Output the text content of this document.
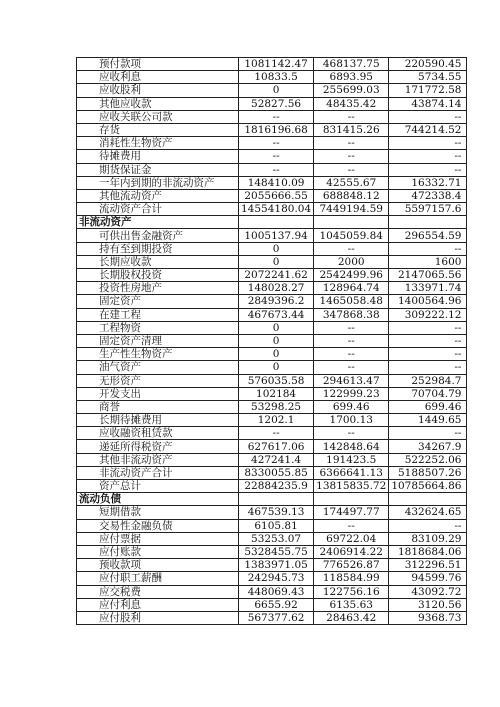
预付款项	1081142.47	468137.75	220590.45
应收利息	10833.5	6893.95	5734.55
应收股利	0	255699.03	171772.58
其他应收款	52827.56	48435.42	43874.14
应收关联公司款	--	--	--
存货	1816196.68	831415.26	744214.52
消耗性生物资产	--	--	--
待摊费用	--	--	--
期货保证金	--	--	--
一年内到期的非流动资产	148410.09	42555.67	16332.71
其他流动资产	2055666.55	688848.12	472338.4
流动资产合计	14554180.04	7449194.59	5597157.6
非流动资产			
可供出售金融资产	1005137.94	1045059.84	296554.59
持有至到期投资	0	--	--
长期应收款	0	2000	1600
长期股权投资	2072241.62	2542499.96	2147065.56
投资性房地产	148028.27	128964.74	133971.74
固定资产	2849396.2	1465058.48	1400564.96
在建工程	467673.44	347868.38	309222.12
工程物资	0	--	--
固定资产清理	0	--	--
生产性生物资产	0	--	--
油气资产	0	--	--
无形资产	576035.58	294613.47	252984.7
开发支出	102184	122999.23	70704.79
商誉	53298.25	699.46	699.46
长期待摊费用	1202.1	1700.13	1449.65
应收融资租赁款	--	--	--
递延所得税资产	627617.06	142848.64	34267.9
其他非流动资产	427241.4	191423.5	522252.06
非流动资产合计	8330055.85	6366641.13	5188507.26
资产总计	22884235.9	13815835.72	10785664.86
流动负债			
短期借款	467539.13	174497.77	432624.65
交易性金融负债	6105.81	--	--
应付票据	53253.07	69722.04	83109.29
应付账款	5328455.75	2406914.22	1818684.06
预收款项	1383971.05	776526.87	312296.51
应付职工薪酬	242945.73	118584.99	94599.76
应交税费	448069.43	122756.16	43092.72
应付利息	6655.92	6135.63	3120.56
应付股利	567377.62	28463.42	9368.73
